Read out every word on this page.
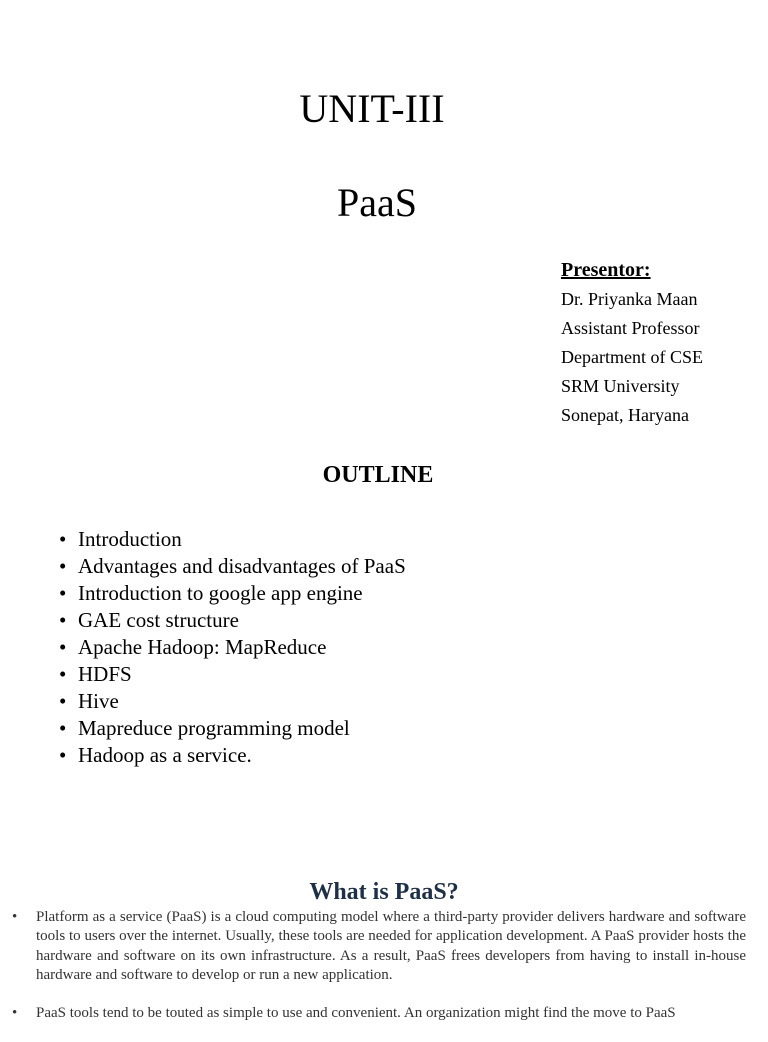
UNIT-III
PaaS
Presentor:
Dr. Priyanka Maan
Assistant Professor
Department of CSE
SRM University
Sonepat, Haryana
OUTLINE
• Introduction
• Advantages and disadvantages of PaaS
• Introduction to google app engine
• GAE cost structure
• Apache Hadoop: MapReduce
• HDFS
• Hive
• Mapreduce programming model
• Hadoop as a service.
What is PaaS?
• Platform as a service (PaaS) is a cloud computing model where a third-party provider delivers hardware and software tools to users over the internet. Usually, these tools are needed for application development. A PaaS provider hosts the hardware and software on its own infrastructure. As a result, PaaS frees developers from having to install in-house hardware and software to develop or run a new application.
• PaaS tools tend to be touted as simple to use and convenient. An organization might find the move to PaaS
